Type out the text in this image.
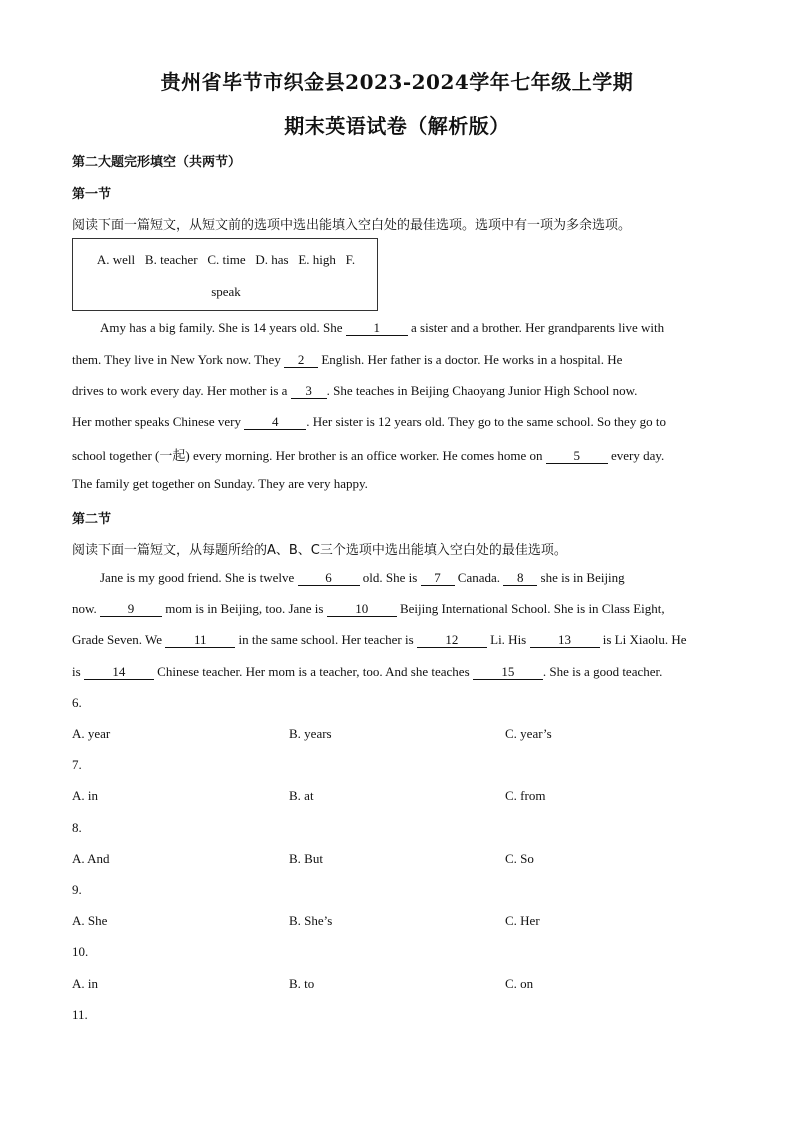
贵州省毕节市织金县2023-2024学年七年级上学期
期末英语试卷（解析版）
第二大题完形填空（共两节）
第一节
阅读下面一篇短文，从短文前的选项中选出能填入空白处的最佳选项。选项中有一项为多余选项。
A. well   B. teacher   C. time   D. has   E. high   F.
speak
Amy has a big family. She is 14 years old. She 1 a sister and a brother. Her grandparents live with
them. They live in New York now. They 2 English. Her father is a doctor. He works in a hospital. He
drives to work every day. Her mother is a 3 . She teaches in Beijing Chaoyang Junior High School now.
Her mother speaks Chinese very 4 . Her sister is 12 years old. They go to the same school. So they go to
school together (一起) every morning. Her brother is an office worker. He comes home on 5 every day.
The family get together on Sunday. They are very happy.
第二节
阅读下面一篇短文，从每题所给的A、B、C三个选项中选出能填入空白处的最佳选项。
Jane is my good friend. She is twelve 6 old. She is 7 Canada. 8 she is in Beijing
now. 9 mom is in Beijing, too. Jane is 10 Beijing International School. She is in Class Eight,
Grade Seven. We 11 in the same school. Her teacher is 12 Li. His 13 is Li Xiaolu. He
is 14 Chinese teacher. Her mom is a teacher, too. And she teaches 15 . She is a good teacher.
6.
A. year	B. years	C. year’s
7.
A. in	B. at	C. from
8.
A. And	B. But	C. So
9.
A. She	B. She’s	C. Her
10.
A. in	B. to	C. on
11.
